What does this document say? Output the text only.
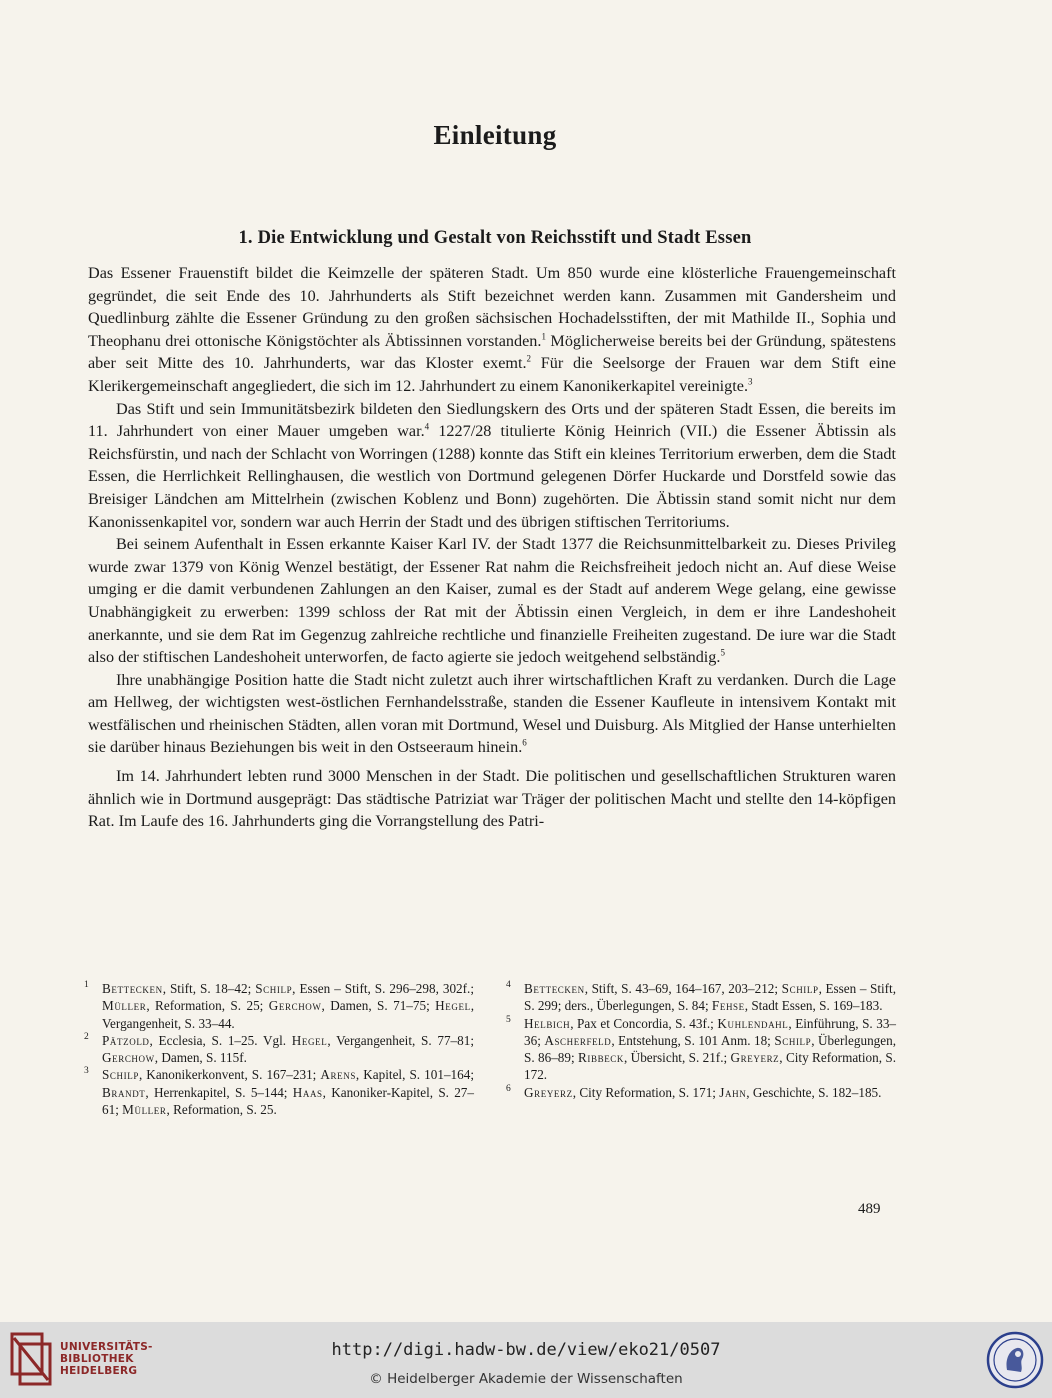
Einleitung
1. Die Entwicklung und Gestalt von Reichsstift und Stadt Essen

Das Essener Frauenstift bildet die Keimzelle der späteren Stadt. Um 850 wurde eine klösterliche Frauengemeinschaft gegründet, die seit Ende des 10. Jahrhunderts als Stift bezeichnet werden kann. Zusammen mit Gandersheim und Quedlinburg zählte die Essener Gründung zu den großen sächsischen Hochadelsstiften, der mit Mathilde II., Sophia und Theophanu drei ottonische Königstöchter als Äbtissinnen vorstanden.$^1$ Möglicherweise bereits bei der Gründung, spätestens aber seit Mitte des 10. Jahrhunderts, war das Kloster exemt.$^2$ Für die Seelsorge der Frauen war dem Stift eine Klerikergemeinschaft angegliedert, die sich im 12. Jahrhundert zu einem Kanonikerkapitel vereinigte.$^3$

Das Stift und sein Immunitätsbezirk bildeten den Siedlungskern des Orts und der späteren Stadt Essen, die bereits im 11. Jahrhundert von einer Mauer umgeben war.$^4$ 1227/28 titulierte König Heinrich (VII.) die Essener Äbtissin als Reichsfürstin, und nach der Schlacht von Worringen (1288) konnte das Stift ein kleines Territorium erwerben, dem die Stadt Essen, die Herrlichkeit Rellinghausen, die westlich von Dortmund gelegenen Dörfer Huckarde und Dorstfeld sowie das Breisiger Ländchen am Mittelrhein (zwischen Koblenz und Bonn) zugehörten. Die Äbtissin stand somit nicht nur dem Kanonissenkapitel vor, sondern war auch Herrin der Stadt und des übrigen stiftischen Territoriums.

Bei seinem Aufenthalt in Essen erkannte Kaiser Karl IV. der Stadt 1377 die Reichsunmittelbarkeit zu. Dieses Privileg wurde zwar 1379 von König Wenzel bestätigt, der Essener Rat nahm die Reichsfreiheit jedoch nicht an. Auf diese Weise umging er die damit verbundenen Zahlungen an den Kaiser, zumal es der Stadt auf anderem Wege gelang, eine gewisse Unabhängigkeit zu erwerben: 1399 schloss der Rat mit der Äbtissin einen Vergleich, in dem er ihre Landeshoheit anerkannte, und sie dem Rat im Gegenzug zahlreiche rechtliche und finanzielle Freiheiten zugestand. De iure war die Stadt also der stiftischen Landeshoheit unterworfen, de facto agierte sie jedoch weitgehend selbständig.$^5$

Ihre unabhängige Position hatte die Stadt nicht zuletzt auch ihrer wirtschaftlichen Kraft zu verdanken. Durch die Lage am Hellweg, der wichtigsten west-östlichen Fernhandelsstraße, standen die Essener Kaufleute in intensivem Kontakt mit westfälischen und rheinischen Städten, allen voran mit Dortmund, Wesel und Duisburg. Als Mitglied der Hanse unterhielten sie darüber hinaus Beziehungen bis weit in den Ostseeraum hinein.$^6$

Im 14. Jahrhundert lebten rund 3000 Menschen in der Stadt. Die politischen und gesellschaftlichen Strukturen waren ähnlich wie in Dortmund ausgeprägt: Das städtische Patriziat war Träger der politischen Macht und stellte den 14-köpfigen Rat. Im Laufe des 16. Jahrhunderts ging die Vorrangstellung des Patri-

1 Bettecken, Stift, S. 18–42; Schilp, Essen – Stift, S. 296–298, 302f.; Müller, Reformation, S. 25; Gerchow, Damen, S. 71–75; Hegel, Vergangenheit, S. 33–44.
2 Pätzold, Ecclesia, S. 1–25. Vgl. Hegel, Vergangenheit, S. 77–81; Gerchow, Damen, S. 115f.
3 Schilp, Kanonikerkonvent, S. 167–231; Arens, Kapitel, S. 101–164; Brandt, Herrenkapitel, S. 5–144; Haas, Kanoniker-Kapitel, S. 27–61; Müller, Reformation, S. 25.
4 Bettecken, Stift, S. 43–69, 164–167, 203–212; Schilp, Essen – Stift, S. 299; ders., Überlegungen, S. 84; Fehse, Stadt Essen, S. 169–183.
5 Helbich, Pax et Concordia, S. 43f.; Kuhlendahl, Einführung, S. 33–36; Ascherfeld, Entstehung, S. 101 Anm. 18; Schilp, Überlegungen, S. 86–89; Ribbeck, Übersicht, S. 21f.; Greyerz, City Reformation, S. 172.
6 Greyerz, City Reformation, S. 171; Jahn, Geschichte, S. 182–185.
489
UNIVERSITÄTS-
BIBLIOTHEK
HEIDELBERG
http://digi.hadw-bw.de/view/eko21/0507
© Heidelberger Akademie der Wissenschaften
